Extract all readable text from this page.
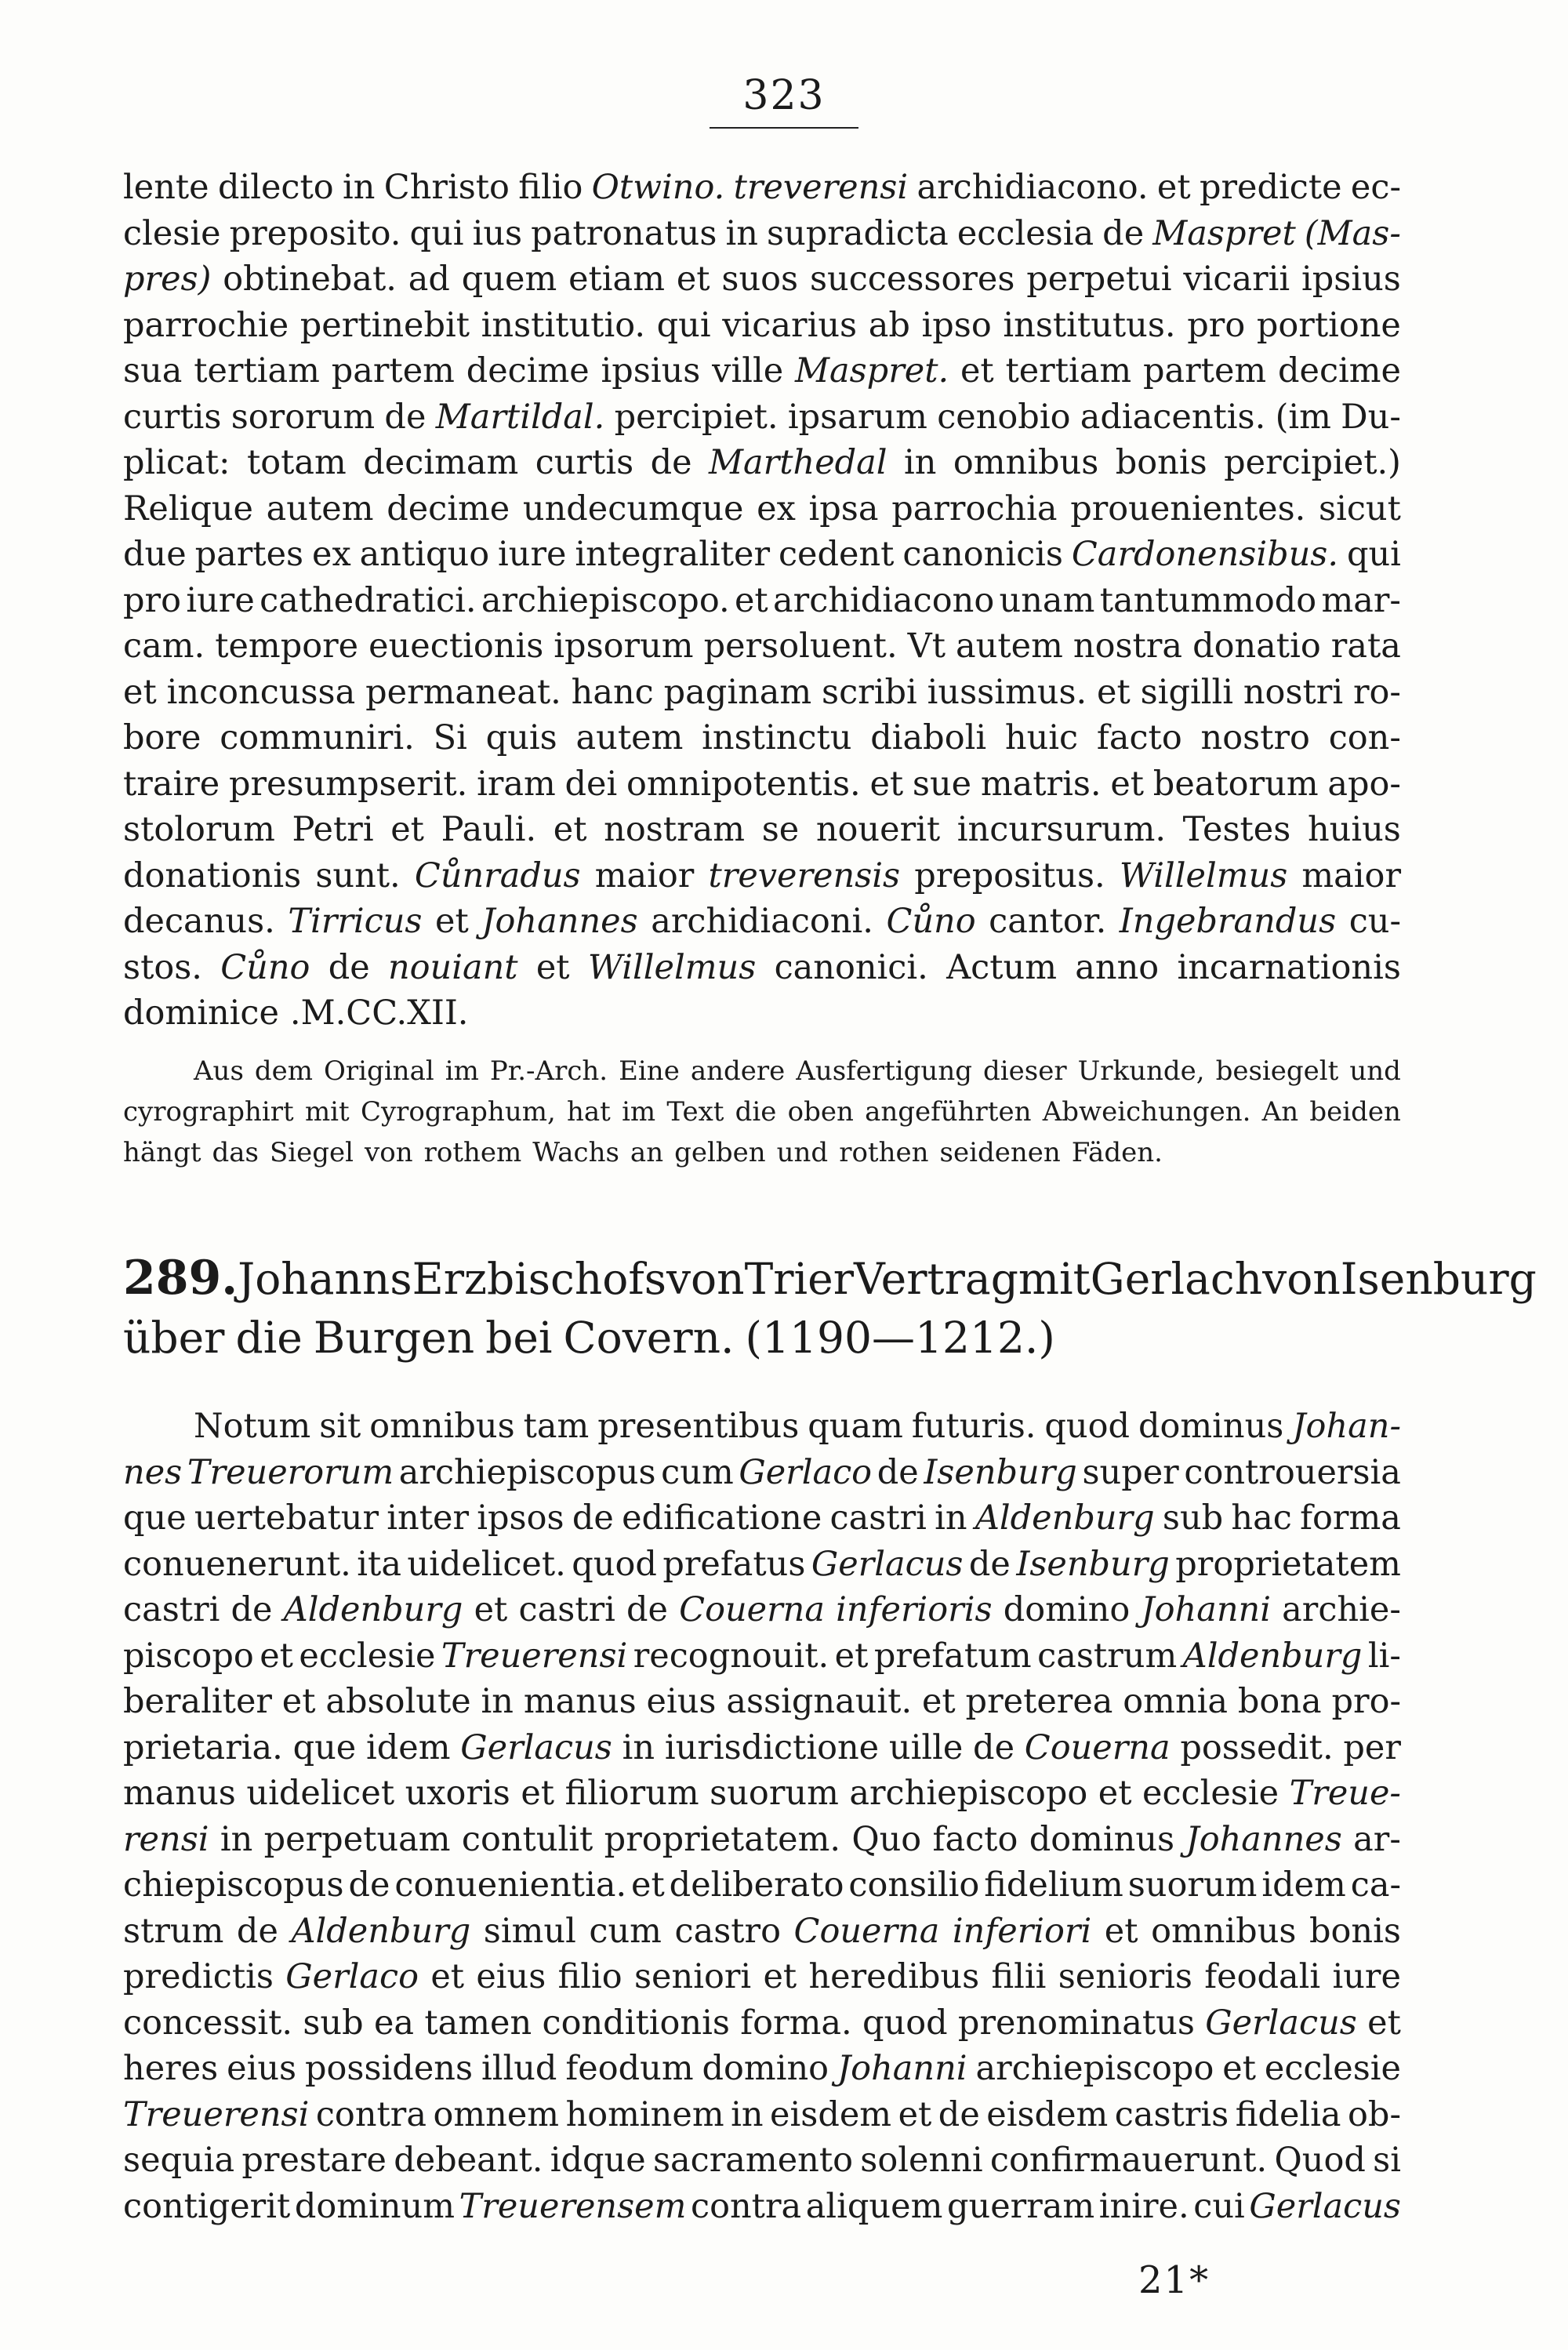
323
lente dilecto in Christo filio Otwino. treverensi archidiacono. et predicte ec-
clesie preposito. qui ius patronatus in supradicta ecclesia de Maspret (Mas-
pres) obtinebat. ad quem etiam et suos successores perpetui vicarii ipsius
parrochie pertinebit institutio. qui vicarius ab ipso institutus. pro portione
sua tertiam partem decime ipsius ville Maspret. et tertiam partem decime
curtis sororum de Martildal. percipiet. ipsarum cenobio adiacentis. (im Du-
plicat: totam decimam curtis de Marthedal in omnibus bonis percipiet.)
Relique autem decime undecumque ex ipsa parrochia prouenientes. sicut
due partes ex antiquo iure integraliter cedent canonicis Cardonensibus. qui
pro iure cathedratici. archiepiscopo. et archidiacono unam tantummodo mar-
cam. tempore euectionis ipsorum persoluent. Vt autem nostra donatio rata
et inconcussa permaneat. hanc paginam scribi iussimus. et sigilli nostri ro-
bore communiri. Si quis autem instinctu diaboli huic facto nostro con-
traire presumpserit. iram dei omnipotentis. et sue matris. et beatorum apo-
stolorum Petri et Pauli. et nostram se nouerit incursurum. Testes huius
donationis sunt. Cůnradus maior treverensis prepositus. Willelmus maior
decanus. Tirricus et Johannes archidiaconi. Cůno cantor. Ingebrandus cu-
stos. Cůno de nouiant et Willelmus canonici. Actum anno incarnationis
dominice .M.CC.XII.
Aus dem Original im Pr.-Arch. Eine andere Ausfertigung dieser Urkunde, besiegelt und
cyrographirt mit Cyrographum, hat im Text die oben angeführten Abweichungen. An beiden
hängt das Siegel von rothem Wachs an gelben und rothen seidenen Fäden.
289. Johanns Erzbischofs von Trier Vertrag mit Gerlach von Isenburg
über die Burgen bei Covern. (1190—1212.)
Notum sit omnibus tam presentibus quam futuris. quod dominus Johan-
nes Treuerorum archiepiscopus cum Gerlaco de Isenburg super controuersia
que uertebatur inter ipsos de edificatione castri in Aldenburg sub hac forma
conuenerunt. ita uidelicet. quod prefatus Gerlacus de Isenburg proprietatem
castri de Aldenburg et castri de Couerna inferioris domino Johanni archie-
piscopo et ecclesie Treuerensi recognouit. et prefatum castrum Aldenburg li-
beraliter et absolute in manus eius assignauit. et preterea omnia bona pro-
prietaria. que idem Gerlacus in iurisdictione uille de Couerna possedit. per
manus uidelicet uxoris et filiorum suorum archiepiscopo et ecclesie Treue-
rensi in perpetuam contulit proprietatem. Quo facto dominus Johannes ar-
chiepiscopus de conuenientia. et deliberato consilio fidelium suorum idem ca-
strum de Aldenburg simul cum castro Couerna inferiori et omnibus bonis
predictis Gerlaco et eius filio seniori et heredibus filii senioris feodali iure
concessit. sub ea tamen conditionis forma. quod prenominatus Gerlacus et
heres eius possidens illud feodum domino Johanni archiepiscopo et ecclesie
Treuerensi contra omnem hominem in eisdem et de eisdem castris fidelia ob-
sequia prestare debeant. idque sacramento solenni confirmauerunt. Quod si
contigerit dominum Treuerensem contra aliquem guerram inire. cui Gerlacus
21*
